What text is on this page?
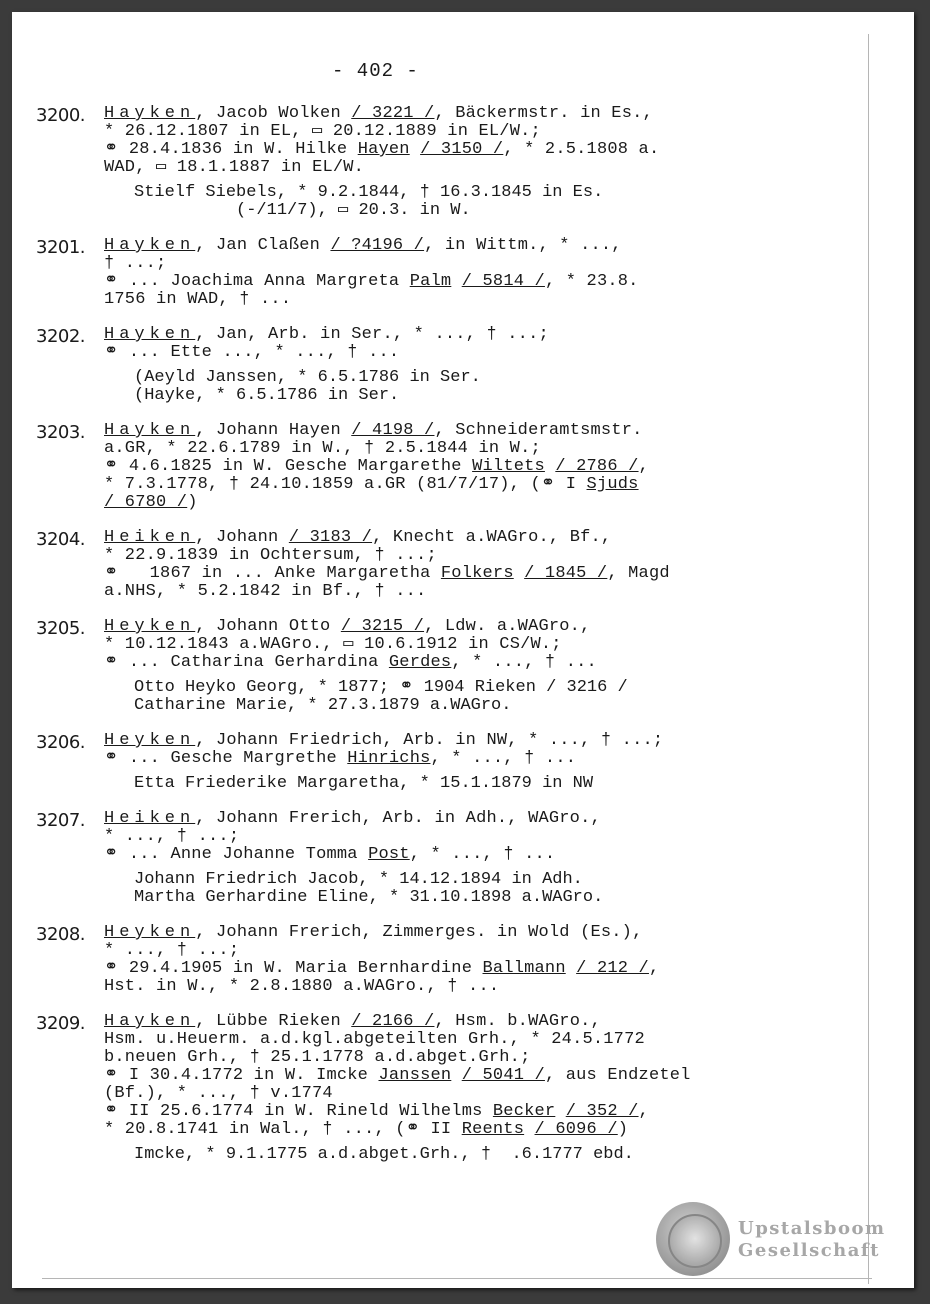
- 402 -
3200. Hayken, Jacob Wolken / 3221 /, Bäckermstr. in Es.,
* 26.12.1807 in EL, ▭ 20.12.1889 in EL/W.;
⚭ 28.4.1836 in W. Hilke Hayen / 3150 /, * 2.5.1808 a.
WAD, ▭ 18.1.1887 in EL/W.
Stielf Siebels, * 9.2.1844, † 16.3.1845 in Es.
(-/11/7), ▭ 20.3. in W.
3201. Hayken, Jan Claßen / ?4196 /, in Wittm., * ...,
† ...;
⚭ ... Joachima Anna Margreta Palm / 5814 /, * 23.8.
1756 in WAD, † ...
3202. Hayken, Jan, Arb. in Ser., * ..., † ...;
⚭ ... Ette ..., * ..., † ...
(Aeyld Janssen, * 6.5.1786 in Ser.
(Hayke, * 6.5.1786 in Ser.
3203. Hayken, Johann Hayen / 4198 /, Schneideramtsmstr.
a.GR, * 22.6.1789 in W., † 2.5.1844 in W.;
⚭ 4.6.1825 in W. Gesche Margarethe Wiltets / 2786 /,
* 7.3.1778, † 24.10.1859 a.GR (81/7/17), (⚭ I Sjuds
/ 6780 /)
3204. Heiken, Johann / 3183 /, Knecht a.WAGro., Bf.,
* 22.9.1839 in Ochtersum, † ...;
⚭   1867 in ... Anke Margaretha Folkers / 1845 /, Magd
a.NHS, * 5.2.1842 in Bf., † ...
3205. Heyken, Johann Otto / 3215 /, Ldw. a.WAGro.,
* 10.12.1843 a.WAGro., ▭ 10.6.1912 in CS/W.;
⚭ ... Catharina Gerhardina Gerdes, * ..., † ...
Otto Heyko Georg, * 1877; ⚭ 1904 Rieken / 3216 /
Catharine Marie, * 27.3.1879 a.WAGro.
3206. Heyken, Johann Friedrich, Arb. in NW, * ..., † ...;
⚭ ... Gesche Margrethe Hinrichs, * ..., † ...
Etta Friederike Margaretha, * 15.1.1879 in NW
3207. Heiken, Johann Frerich, Arb. in Adh., WAGro.,
* ..., † ...;
⚭ ... Anne Johanne Tomma Post, * ..., † ...
Johann Friedrich Jacob, * 14.12.1894 in Adh.
Martha Gerhardine Eline, * 31.10.1898 a.WAGro.
3208. Heyken, Johann Frerich, Zimmerges. in Wold (Es.),
* ..., † ...;
⚭ 29.4.1905 in W. Maria Bernhardine Ballmann / 212 /,
Hst. in W., * 2.8.1880 a.WAGro., † ...
3209. Hayken, Lübbe Rieken / 2166 /, Hsm. b.WAGro.,
Hsm. u.Heuerm. a.d.kgl.abgeteilten Grh., * 24.5.1772
b.neuen Grh., † 25.1.1778 a.d.abget.Grh.;
⚭ I 30.4.1772 in W. Imcke Janssen / 5041 /, aus Endzetel
(Bf.), * ..., † v.1774
⚭ II 25.6.1774 in W. Rineld Wilhelms Becker / 352 /,
* 20.8.1741 in Wal., † ..., (⚭ II Reents / 6096 /)
Imcke, * 9.1.1775 a.d.abget.Grh., †  .6.1777 ebd.
Upstalsboom
Gesellschaft
